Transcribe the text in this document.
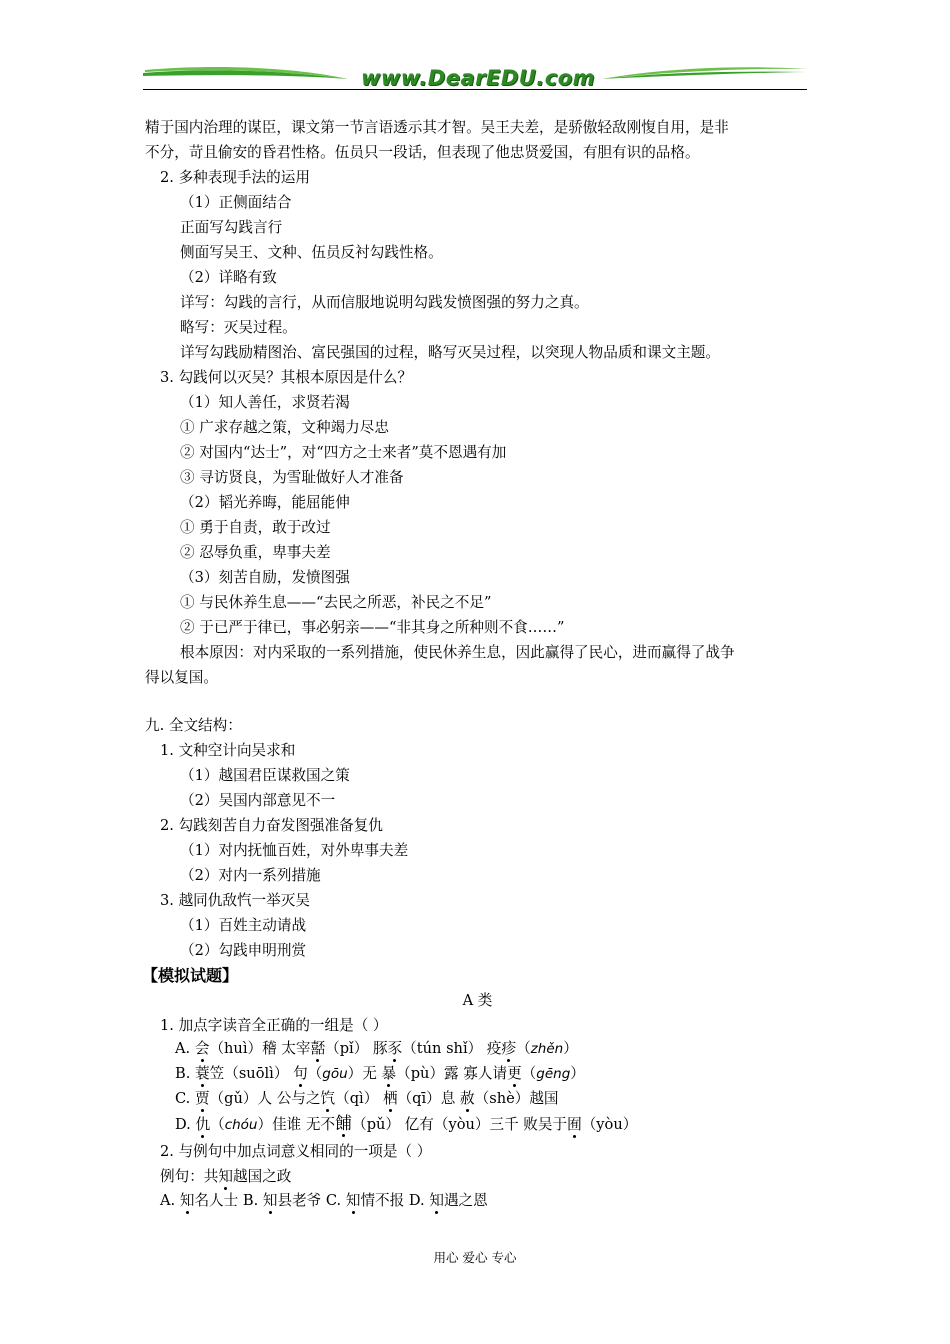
www.DearEDU.com
精于国内治理的谋臣，课文第一节言语透示其才智。吴王夫差，是骄傲轻敌刚愎自用，是非
不分，苛且偷安的昏君性格。伍员只一段话，但表现了他忠贤爱国，有胆有识的品格。
2. 多种表现手法的运用
（1）正侧面结合
正面写勾践言行
侧面写吴王、文种、伍员反衬勾践性格。
（2）详略有致
详写：勾践的言行，从而信服地说明勾践发愤图强的努力之真。
略写：灭吴过程。
详写勾践励精图治、富民强国的过程，略写灭吴过程，以突现人物品质和课文主题。
3. 勾践何以灭吴？其根本原因是什么？
（1）知人善任，求贤若渴
① 广求存越之策，文种竭力尽忠
② 对国内“达士”，对“四方之士来者”莫不恩遇有加
③ 寻访贤良，为雪耻做好人才准备
（2）韬光养晦，能屈能伸
① 勇于自责，敢于改过
② 忍辱负重，卑事夫差
（3）刻苦自励，发愤图强
① 与民休养生息——“去民之所恶，补民之不足”
② 于已严于律已，事必躬亲——“非其身之所种则不食……”
根本原因：对内采取的一系列措施，使民休养生息，因此赢得了民心，进而赢得了战争
得以复国。
九. 全文结构：
1. 文种空计向吴求和
（1）越国君臣谋救国之策
（2）吴国内部意见不一
2. 勾践刻苦自力奋发图强准备复仇
（1）对内抚恤百姓，对外卑事夫差
（2）对内一系列措施
3. 越同仇敌忾一举灭吴
（1）百姓主动请战
（2）勾践申明刑赏
【模拟试题】
A 类
1. 加点字读音全正确的一组是（ ）
A. 会（huì）稽 太宰嚭（pǐ） 豚豕（tún shǐ） 疫疹（zhěn）
B. 蓑笠（suōlì） 句（gōu）无 暴（pù）露 寡人请更（gēng）
C. 贾（gǔ）人 公与之饩（qì） 栖（qī）息 赦（shè）越国
D. 仇（chóu）佳谁 无不餔（pǔ） 亿有（yòu）三千 败吴于囿（yòu）
2. 与例句中加点词意义相同的一项是（ ）
例句：共知越国之政
A. 知名人士 B. 知县老爷 C. 知情不报 D. 知遇之恩
用心 爱心 专心
